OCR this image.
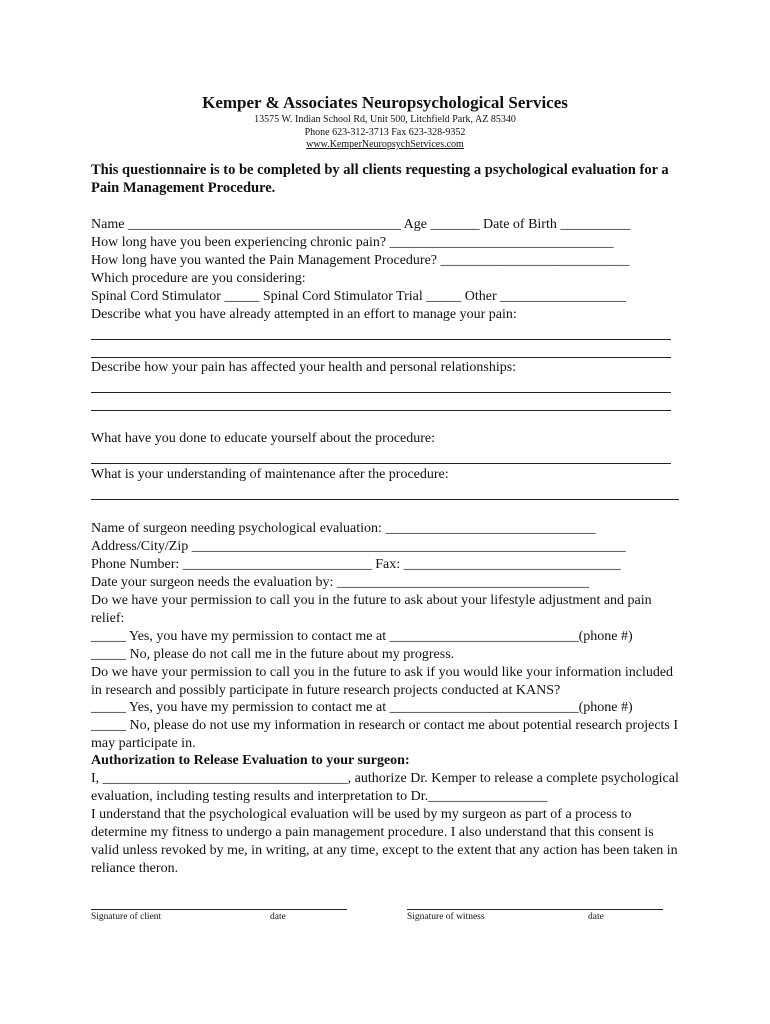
Kemper & Associates Neuropsychological Services
13575 W. Indian School Rd, Unit 500, Litchfield Park, AZ 85340
Phone 623-312-3713 Fax 623-328-9352
www.KemperNeuropsychServices.com
This questionnaire is to be completed by all clients requesting a psychological evaluation for a Pain Management Procedure.
Name _______________________________________ Age _______ Date of Birth __________
How long have you been experiencing chronic pain? ________________________________
How long have you wanted the Pain Management Procedure? ___________________________
Which procedure are you considering:
Spinal Cord Stimulator _____ Spinal Cord Stimulator Trial _____ Other __________________
Describe what you have already attempted in an effort to manage your pain:
Describe how your pain has affected your health and personal relationships:
What have you done to educate yourself about the procedure:
What is your understanding of maintenance after the procedure:
Name of surgeon needing psychological evaluation: ______________________________
Address/City/Zip ______________________________________________________________
Phone Number: ___________________________ Fax: _______________________________
Date your surgeon needs the evaluation by: ____________________________________
Do we have your permission to call you in the future to ask about your lifestyle adjustment and pain relief:
_____ Yes, you have my permission to contact me at ___________________________(phone #)
_____ No, please do not call me in the future about my progress.
Do we have your permission to call you in the future to ask if you would like your information included in research and possibly participate in future research projects conducted at KANS?
_____ Yes, you have my permission to contact me at ___________________________(phone #)
_____ No, please do not use my information in research or contact me about potential research projects I may participate in.
Authorization to Release Evaluation to your surgeon:
I, ___________________________________, authorize Dr. Kemper to release a complete psychological evaluation, including testing results and interpretation to Dr._________________
I understand that the psychological evaluation will be used by my surgeon as part of a process to determine my fitness to undergo a pain management procedure. I also understand that this consent is valid unless revoked by me, in writing, at any time, except to the extent that any action has been taken in reliance theron.
Signature of client	date	Signature of witness	date
